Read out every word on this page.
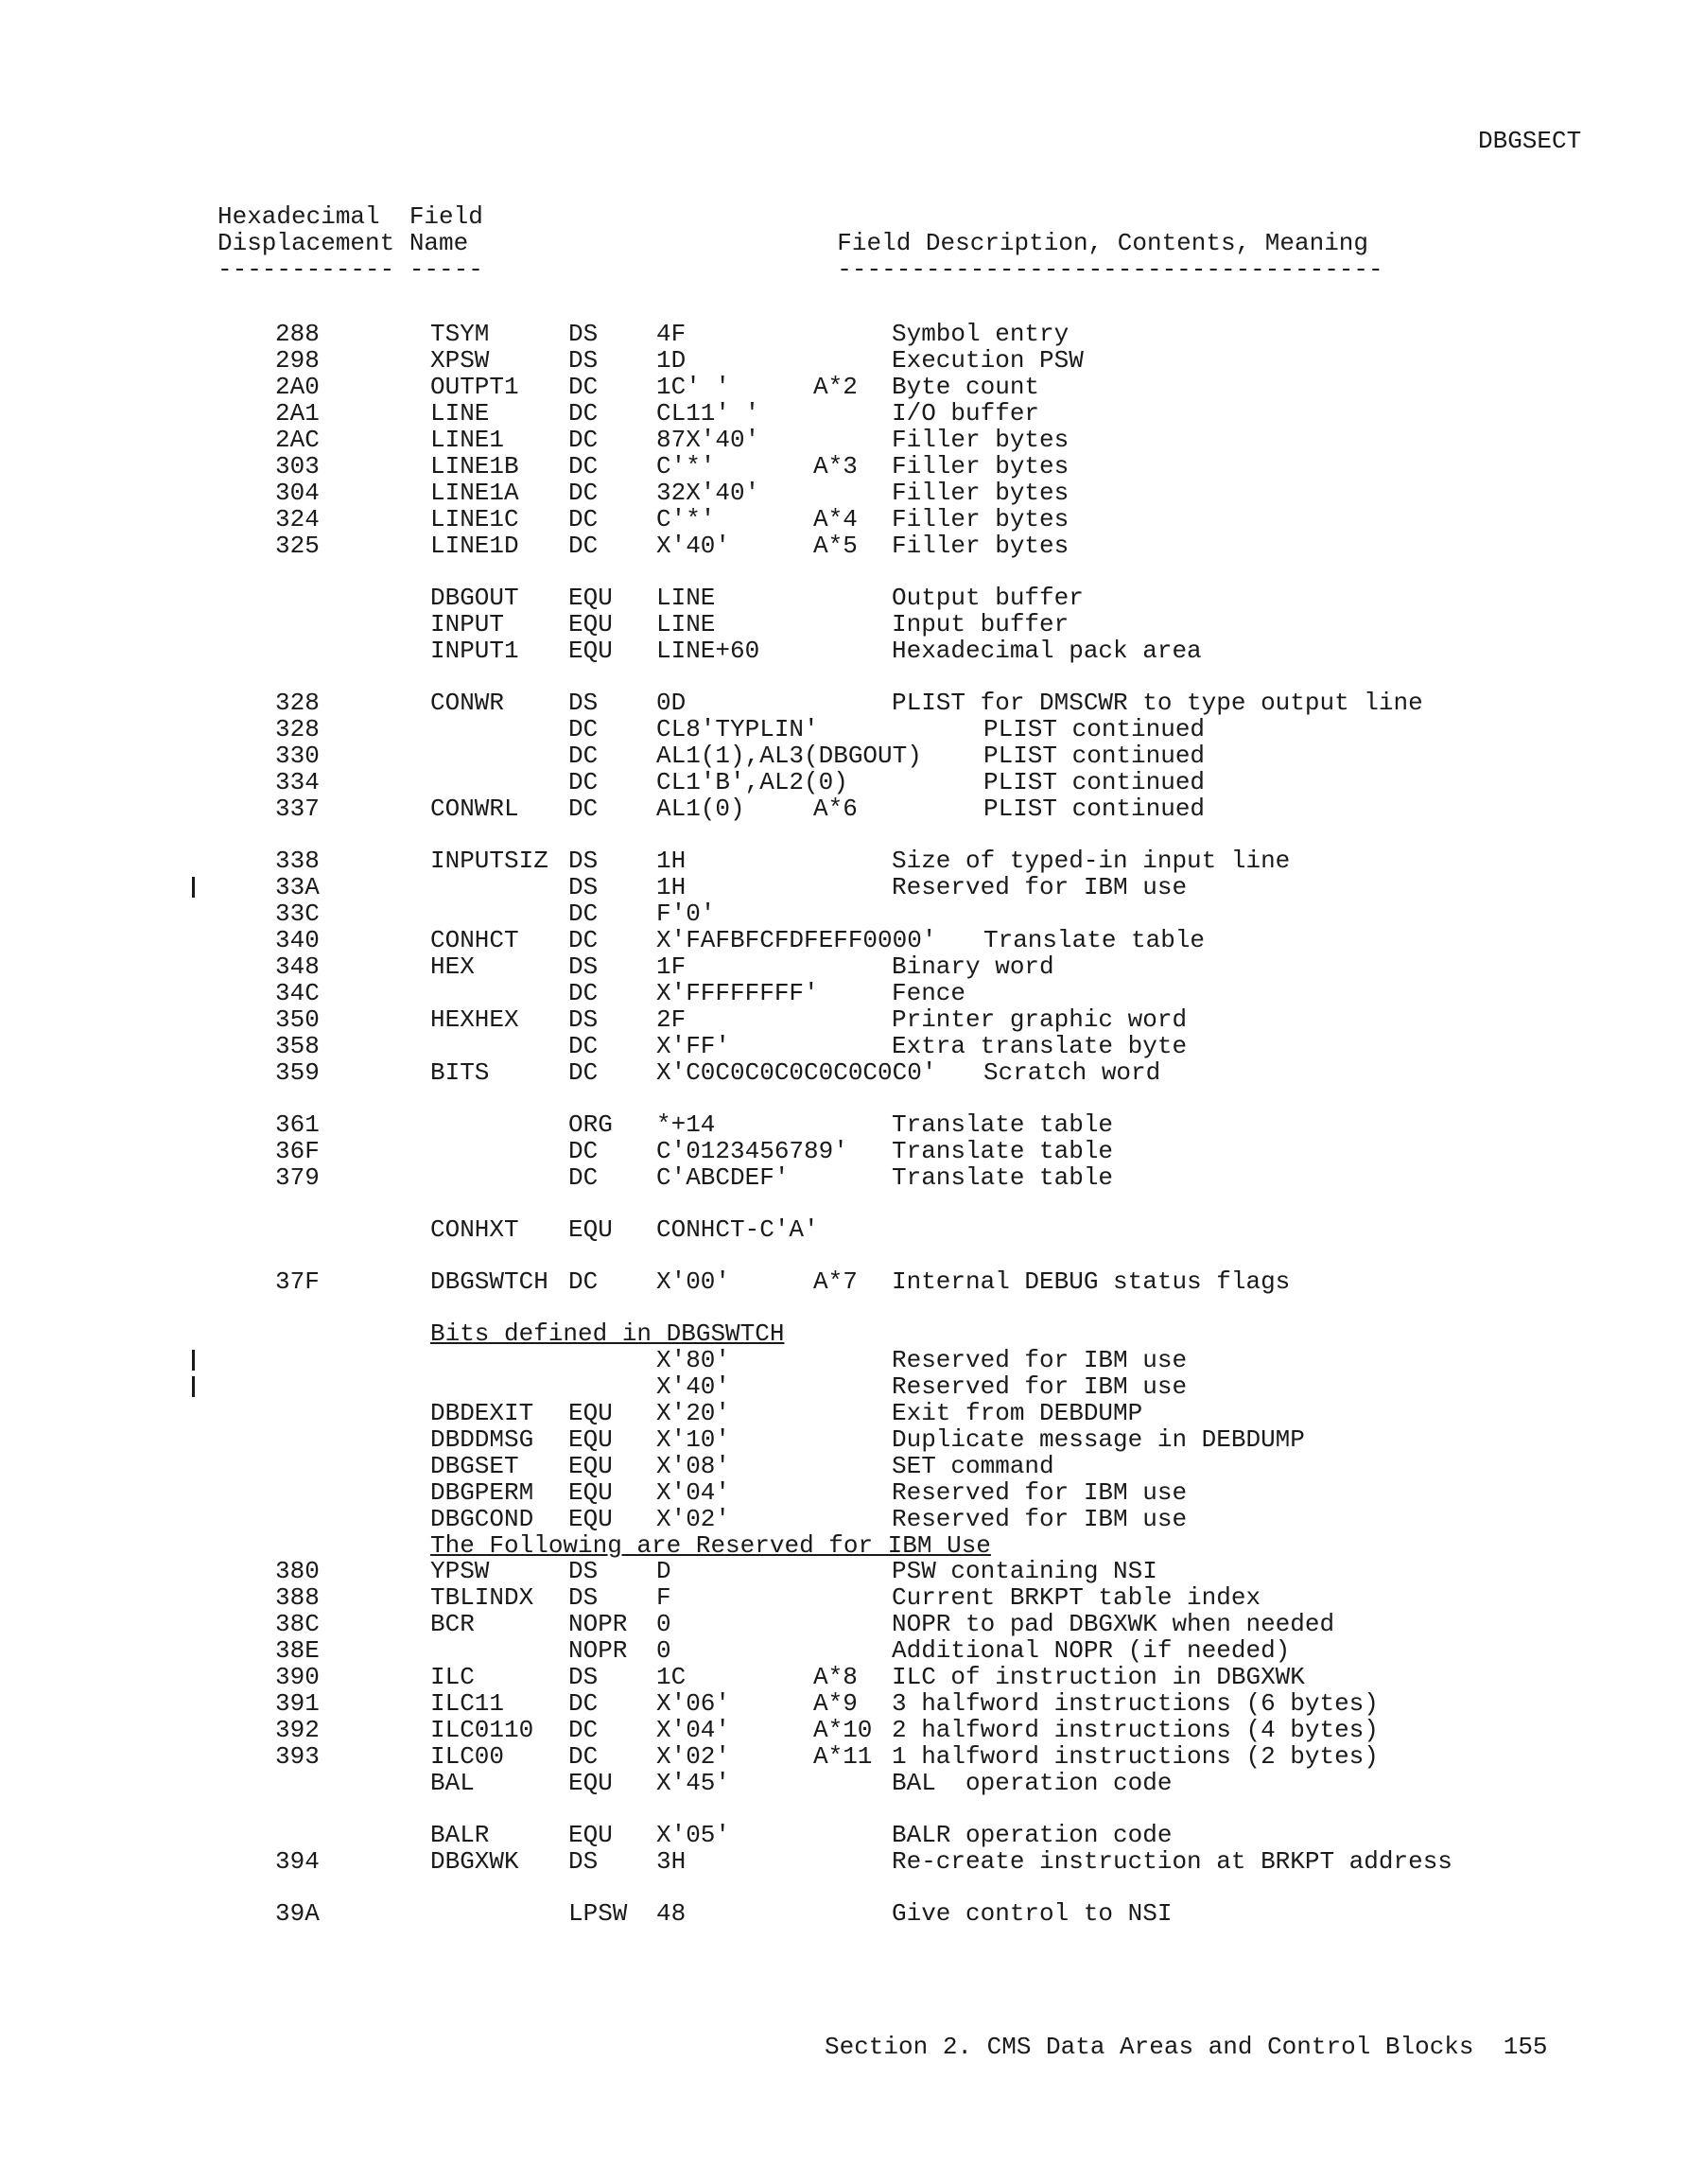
DBGSECT
Hexadecimal  Field
Displacement Name                         Field Description, Contents, Meaning
------------ -----                        -------------------------------------
288	TSYM	DS 4F	Symbol entry
298	XPSW	DS 1D	Execution PSW
2A0	OUTPT1 DC 1C' '	A*2 Byte count
2A1	LINE	DC CL11' '	I/O buffer
2AC	LINE1	DC 87X'40'	Filler bytes
303	LINE1B DC C'*'	A*3 Filler bytes
304	LINE1A DC 32X'40'	Filler bytes
324	LINE1C DC C'*'	A*4 Filler bytes
325	LINE1D DC X'40'	A*5 Filler bytes
DBGOUT EQU LINE	Output buffer
INPUT	EQU LINE	Input buffer
INPUT1 EQU LINE+60	Hexadecimal pack area
328	CONWR	DS 0D	PLIST for DMSCWR to type output line
328	DC CL8'TYPLIN'	PLIST continued
330	DC AL1(1),AL3(DBGOUT)	PLIST continued
334	DC CL1'B',AL2(0)	PLIST continued
337	CONWRL DC AL1(0)	A*6	PLIST continued
338	INPUTSIZ DS 1H	Size of typed-in input line
33A	DS 1H	Reserved for IBM use
33C	DC F'0'
340	CONHCT DC X'FAFBFCFDFEFF0000' Translate table
348	HEX	DS 1F	Binary word
34C	DC X'FFFFFFFF'	Fence
350	HEXHEX DS 2F	Printer graphic word
358	DC X'FF'	Extra translate byte
359	BITS	DC X'C0C0C0C0C0C0C0C0' Scratch word
361	ORG *+14	Translate table
36F	DC C'0123456789' Translate table
379	DC C'ABCDEF'	Translate table
CONHXT EQU CONHCT-C'A'
37F	DBGSWTCH DC X'00'	A*7 Internal DEBUG status flags
Bits defined in DBGSWTCH
X'80'	Reserved for IBM use
X'40'	Reserved for IBM use
DBDEXIT EQU X'20'	Exit from DEBDUMP
DBDDMSG EQU X'10'	Duplicate message in DEBDUMP
DBGSET EQU X'08'	SET command
DBGPERM EQU X'04'	Reserved for IBM use
DBGCOND EQU X'02'	Reserved for IBM use
The Following are Reserved for IBM Use
380	YPSW	DS D	PSW containing NSI
388	TBLINDX DS F	Current BRKPT table index
38C	BCR	NOPR 0	NOPR to pad DBGXWK when needed
38E	NOPR 0	Additional NOPR (if needed)
390	ILC	DS 1C	A*8 ILC of instruction in DBGXWK
391	ILC11	DC X'06'	A*9 3 halfword instructions (6 bytes)
392	ILC0110 DC X'04'	A*10 2 halfword instructions (4 bytes)
393	ILC00	DC X'02'	A*11 1 halfword instructions (2 bytes)
BAL	EQU X'45'	BAL  operation code
BALR	EQU X'05'	BALR operation code
394	DBGXWK DS 3H	Re-create instruction at BRKPT address
39A	LPSW 48	Give control to NSI
Section 2. CMS Data Areas and Control Blocks  155
